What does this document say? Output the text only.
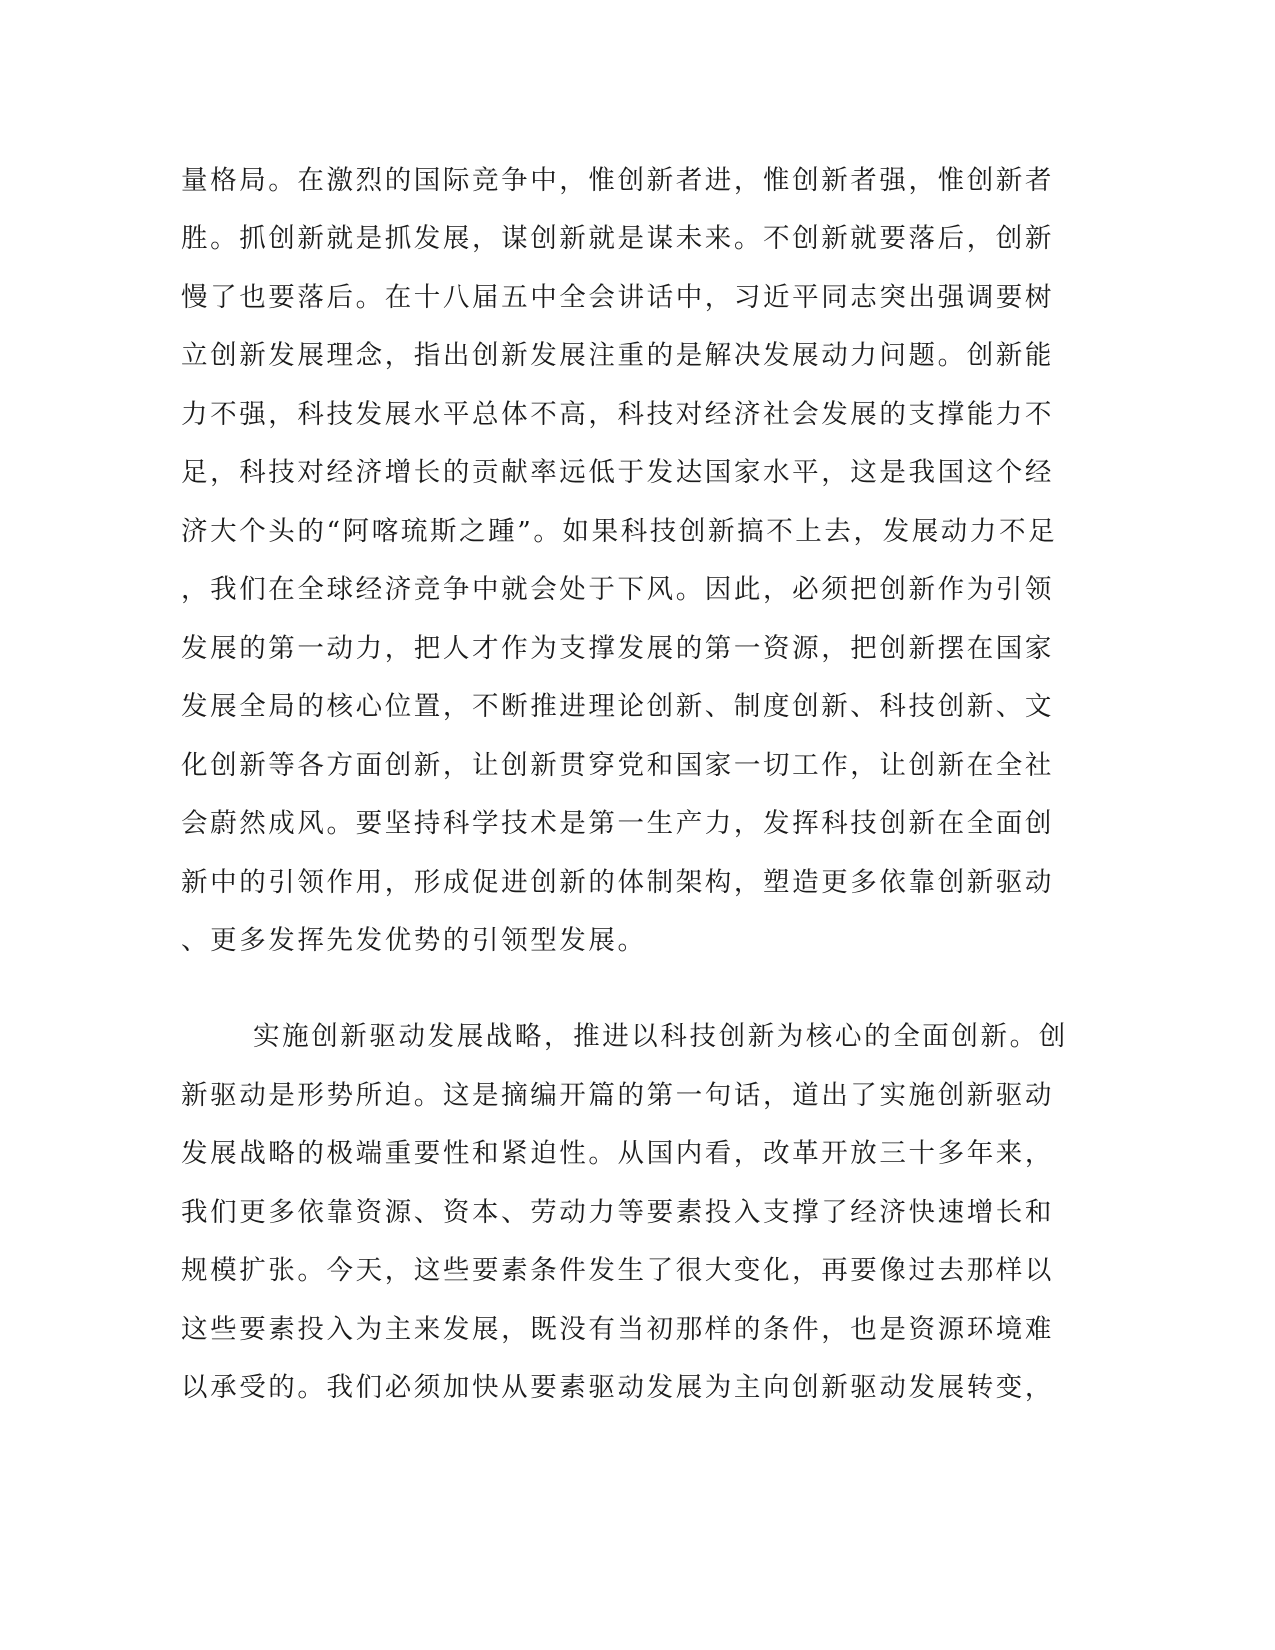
量格局。在激烈的国际竞争中，惟创新者进，惟创新者强，惟创新者
胜。抓创新就是抓发展，谋创新就是谋未来。不创新就要落后，创新
慢了也要落后。在十八届五中全会讲话中，习近平同志突出强调要树
立创新发展理念，指出创新发展注重的是解决发展动力问题。创新能
力不强，科技发展水平总体不高，科技对经济社会发展的支撑能力不
足，科技对经济增长的贡献率远低于发达国家水平，这是我国这个经
济大个头的“阿喀琉斯之踵”。如果科技创新搞不上去，发展动力不足
，我们在全球经济竞争中就会处于下风。因此，必须把创新作为引领
发展的第一动力，把人才作为支撑发展的第一资源，把创新摆在国家
发展全局的核心位置，不断推进理论创新、制度创新、科技创新、文
化创新等各方面创新，让创新贯穿党和国家一切工作，让创新在全社
会蔚然成风。要坚持科学技术是第一生产力，发挥科技创新在全面创
新中的引领作用，形成促进创新的体制架构，塑造更多依靠创新驱动
、更多发挥先发优势的引领型发展。
实施创新驱动发展战略，推进以科技创新为核心的全面创新。创
新驱动是形势所迫。这是摘编开篇的第一句话，道出了实施创新驱动
发展战略的极端重要性和紧迫性。从国内看，改革开放三十多年来，
我们更多依靠资源、资本、劳动力等要素投入支撑了经济快速增长和
规模扩张。今天，这些要素条件发生了很大变化，再要像过去那样以
这些要素投入为主来发展，既没有当初那样的条件，也是资源环境难
以承受的。我们必须加快从要素驱动发展为主向创新驱动发展转变，
